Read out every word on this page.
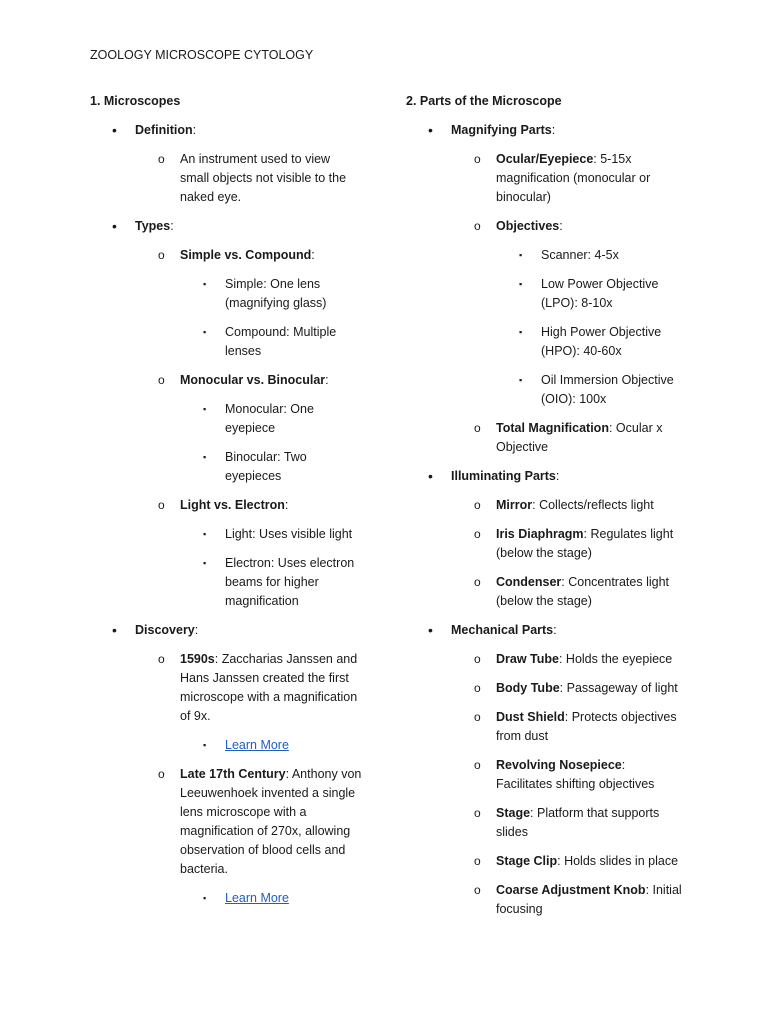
ZOOLOGY MICROSCOPE CYTOLOGY
1. Microscopes
• Definition:
o An instrument used to view small objects not visible to the naked eye.
• Types:
o Simple vs. Compound:
▪ Simple: One lens (magnifying glass)
▪ Compound: Multiple lenses
o Monocular vs. Binocular:
▪ Monocular: One eyepiece
▪ Binocular: Two eyepieces
o Light vs. Electron:
▪ Light: Uses visible light
▪ Electron: Uses electron beams for higher magnification
• Discovery:
o 1590s: Zaccharias Janssen and Hans Janssen created the first microscope with a magnification of 9x.
▪ Learn More
o Late 17th Century: Anthony von Leeuwenhoek invented a single lens microscope with a magnification of 270x, allowing observation of blood cells and bacteria.
▪ Learn More
2. Parts of the Microscope
• Magnifying Parts:
o Ocular/Eyepiece: 5-15x magnification (monocular or binocular)
o Objectives:
▪ Scanner: 4-5x
▪ Low Power Objective (LPO): 8-10x
▪ High Power Objective (HPO): 40-60x
▪ Oil Immersion Objective (OIO): 100x
o Total Magnification: Ocular x Objective
• Illuminating Parts:
o Mirror: Collects/reflects light
o Iris Diaphragm: Regulates light (below the stage)
o Condenser: Concentrates light (below the stage)
• Mechanical Parts:
o Draw Tube: Holds the eyepiece
o Body Tube: Passageway of light
o Dust Shield: Protects objectives from dust
o Revolving Nosepiece: Facilitates shifting objectives
o Stage: Platform that supports slides
o Stage Clip: Holds slides in place
o Coarse Adjustment Knob: Initial focusing
